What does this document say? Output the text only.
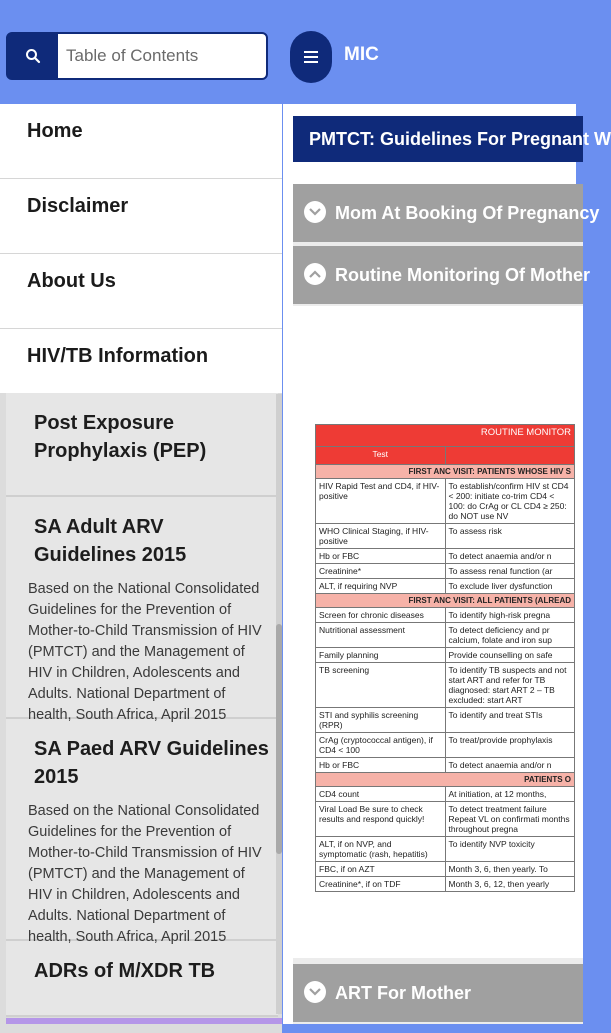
Table of Contents
MIC
Home
Disclaimer
About Us
HIV/TB Information
Post Exposure Prophylaxis (PEP)
SA Adult ARV Guidelines 2015
Based on the National Consolidated Guidelines for the Prevention of Mother-to-Child Transmission of HIV (PMTCT) and the Management of HIV in Children, Adolescents and Adults. National Department of health, South Africa, April 2015
SA Paed ARV Guidelines 2015
Based on the National Consolidated Guidelines for the Prevention of Mother-to-Child Transmission of HIV (PMTCT) and the Management of HIV in Children, Adolescents and Adults. National Department of health, South Africa, April 2015
ADRs of M/XDR TB
PMTCT: Guidelines For Pregnant W
Mom At Booking Of Pregnancy
Routine Monitoring Of Mother
ROUTINE MONITOR	
Test	
FIRST ANC VISIT: PATIENTS WHOSE HIV S	
HIV Rapid Test and CD4, if HIV-positive	To establish/confirm HIV st CD4 < 200: initiate co-trim CD4 < 100: do CrAg or CL CD4 ≥ 250: do NOT use NV
WHO Clinical Staging, if HIV-positive	To assess risk
Hb or FBC	To detect anaemia and/or n
Creatinine*	To assess renal function (ar
ALT, if requiring NVP	To exclude liver dysfunction
FIRST ANC VISIT: ALL PATIENTS (ALREAD	
Screen for chronic diseases	To identify high-risk pregna
Nutritional assessment	To detect deficiency and pr calcium, folate and iron sup
Family planning	Provide counselling on safe
TB screening	To identify TB suspects and not start ART and refer for TB diagnosed: start ART 2 – TB excluded: start ART
STI and syphilis screening (RPR)	To identify and treat STIs
CrAg (cryptococcal antigen), if CD4 < 100	To treat/provide prophylaxis
Hb or FBC	To detect anaemia and/or n
PATIENTS O	
CD4 count	At initiation, at 12 months,
Viral Load Be sure to check results and respond quickly!	To detect treatment failure Repeat VL on confirmati months throughout pregna
ALT, if on NVP, and symptomatic (rash, hepatitis)	To identify NVP toxicity
FBC, if on AZT	Month 3, 6, then yearly. To
Creatinine*, if on TDF	Month 3, 6, 12, then yearly
ART For Mother
